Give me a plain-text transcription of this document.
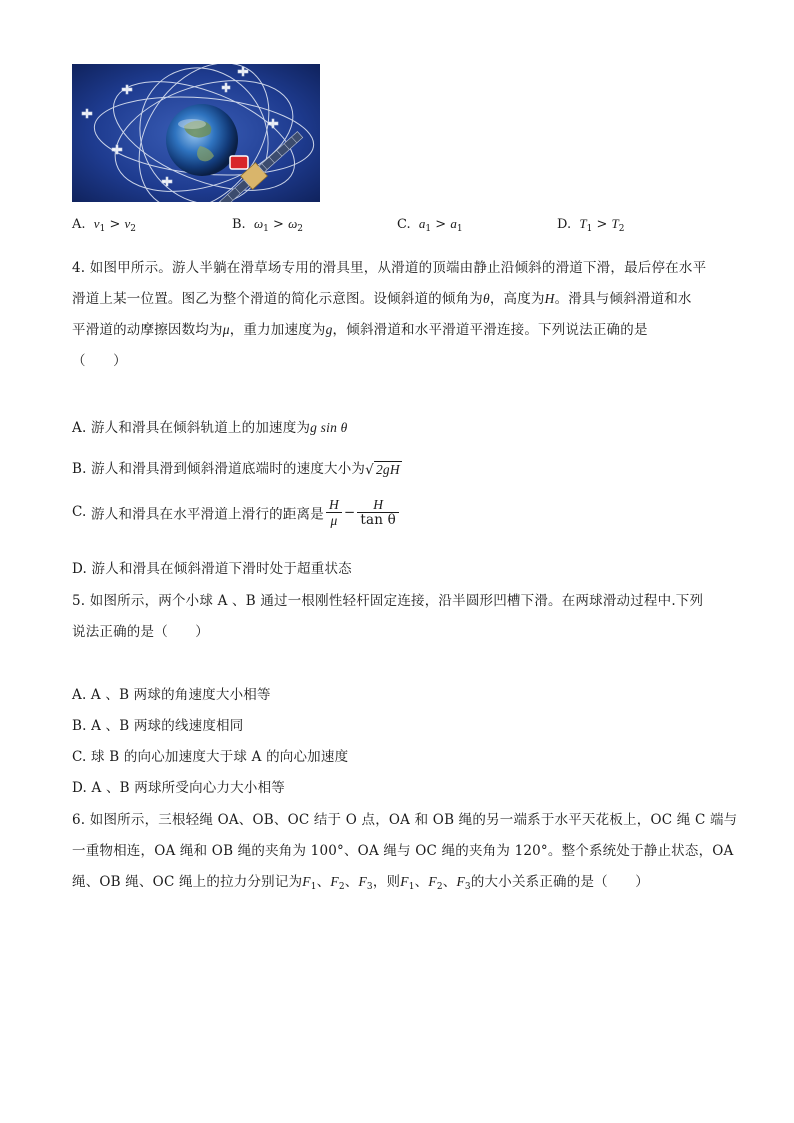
A. $v_1 > v_2$	B. $\omega_1 > \omega_2$	C. $a_1 > a_1$	D. $T_1 > T_2$
4. 如图甲所示。游人半躺在滑草场专用的滑具里，从滑道的顶端由静止沿倾斜的滑道下滑，最后停在水平
滑道上某一位置。图乙为整个滑道的简化示意图。设倾斜道的倾角为θ，高度为H。滑具与倾斜滑道和水
平滑道的动摩擦因数均为μ，重力加速度为g，倾斜滑道和水平滑道平滑连接。下列说法正确的是
（　　）
A. 游人和滑具在倾斜轨道上的加速度为g sin θ
B. 游人和滑具滑到倾斜滑道底端时的速度大小为√ 2gH
C. 游人和滑具在水平滑道上滑行的距离是 $\frac{H}{\mu} - \frac{H}{\text{tan θ}}$
D. 游人和滑具在倾斜滑道下滑时处于超重状态
5. 如图所示，两个小球 A 、B 通过一根刚性轻杆固定连接，沿半圆形凹槽下滑。在两球滑动过程中.下列
说法正确的是（　　）
A. A 、B 两球的角速度大小相等
B. A 、B 两球的线速度相同
C. 球 B 的向心加速度大于球 A 的向心加速度
D. A 、B 两球所受向心力大小相等
6. 如图所示，三根轻绳 OA、OB、OC 结于 O 点，OA 和 OB 绳的另一端系于水平天花板上，OC 绳 C 端与
一重物相连，OA 绳和 OB 绳的夹角为 100°、OA 绳与 OC 绳的夹角为 120°。整个系统处于静止状态，OA
绳、OB 绳、OC 绳上的拉力分别记为$F_1$、$F_2$、$F_3$，则$F_1$、$F_2$、$F_3$的大小关系正确的是（　　）
